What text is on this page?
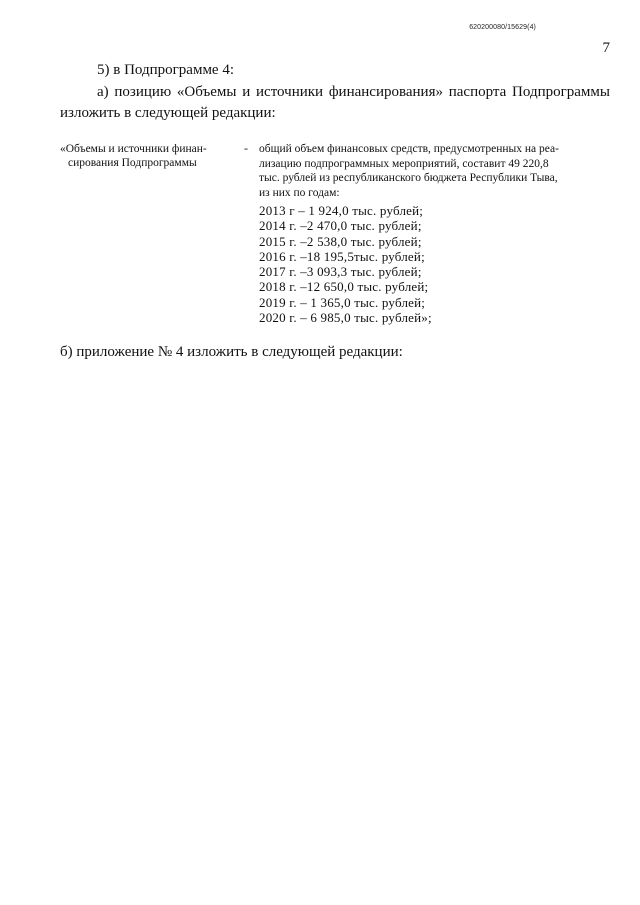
620200080/15629(4)
7
5) в Подпрограмме 4:
а) позицию «Объемы и источники финансирования» паспорта Подпрограммы изложить в следующей редакции:
«Объемы и источники финан-
сирования Подпрограммы
- общий объем финансовых средств, предусмотренных на реа-
лизацию подпрограммных мероприятий, составит 49 220,8
тыс. рублей из республиканского бюджета Республики Тыва,
из них по годам:
2013 г – 1 924,0 тыс. рублей;
2014 г. –2 470,0 тыс. рублей;
2015 г. –2 538,0 тыс. рублей;
2016 г. –18 195,5тыс. рублей;
2017 г. –3 093,3 тыс. рублей;
2018 г. –12 650,0 тыс. рублей;
2019 г. – 1 365,0 тыс. рублей;
2020 г. – 6 985,0 тыс. рублей»;
б) приложение № 4 изложить в следующей редакции:
